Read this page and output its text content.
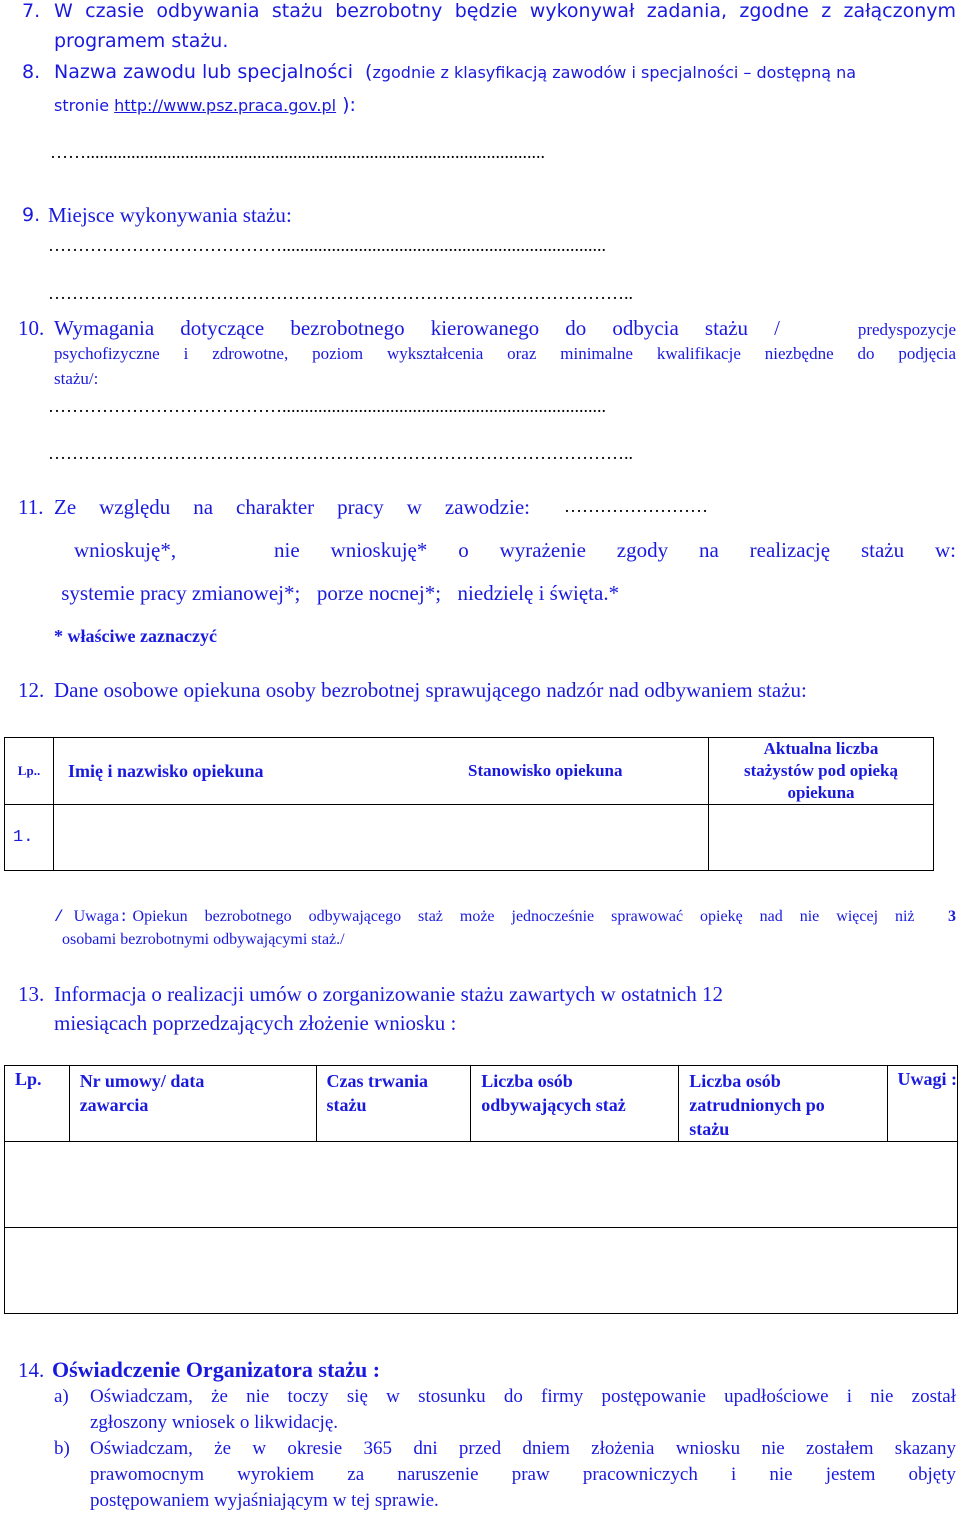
7. W czasie odbywania stażu bezrobotny będzie wykonywał zadania, zgodne z załączonym
programem stażu.
8. Nazwa zawodu lub specjalności (zgodnie z klasyfikacją zawodów i specjalności – dostępną na
stronie http://www.psz.praca.gov.pl ):
……......................................................................................................
9. Miejsce wykonywania stażu:
…………………………………........................................................................
……………………………………………………………………………………..
10. Wymagania dotyczące bezrobotnego kierowanego do odbycia stażu /	predyspozycje
psychofizyczne i zdrowotne, poziom wykształcenia oraz minimalne kwalifikacje niezbędne do podjęcia
stażu/:
…………………………………........................................................................
……………………………………………………………………………………..
11. Ze względu na charakter pracy w zawodzie:	……………………
wnioskuję*,	nie wnioskuję* o wyrażenie zgody na realizację stażu w:
systemie pracy zmianowej*; porze nocnej*; niedzielę i święta.*
* właściwe zaznaczyć
12. Dane osobowe opiekuna osoby bezrobotnej sprawującego nadzór nad odbywaniem stażu:
Lp..	Imię i nazwisko opiekuna	Stanowisko opiekuna	Aktualna liczba stażystów pod opieką opiekuna
1.			
/ Uwaga: Opiekun bezrobotnego odbywającego staż może jednocześnie sprawować opiekę nad nie więcej niż 3
osobami bezrobotnymi odbywającymi staż./
13. Informacja o realizacji umów o zorganizowanie stażu zawartych w ostatnich 12
miesiącach poprzedzających złożenie wniosku :
Lp.	Nr umowy/ data zawarcia	Czas trwania stażu	Liczba osób odbywających staż	Liczba osób zatrudnionych po stażu	Uwagi :

14. Oświadczenie Organizatora stażu :
a) Oświadczam, że nie toczy się w stosunku do firmy postępowanie upadłościowe i nie został
zgłoszony wniosek o likwidację.
b) Oświadczam, że w okresie 365 dni przed dniem złożenia wniosku nie zostałem skazany
prawomocnym wyrokiem za naruszenie praw pracowniczych i nie jestem objęty
postępowaniem wyjaśniającym w tej sprawie.
